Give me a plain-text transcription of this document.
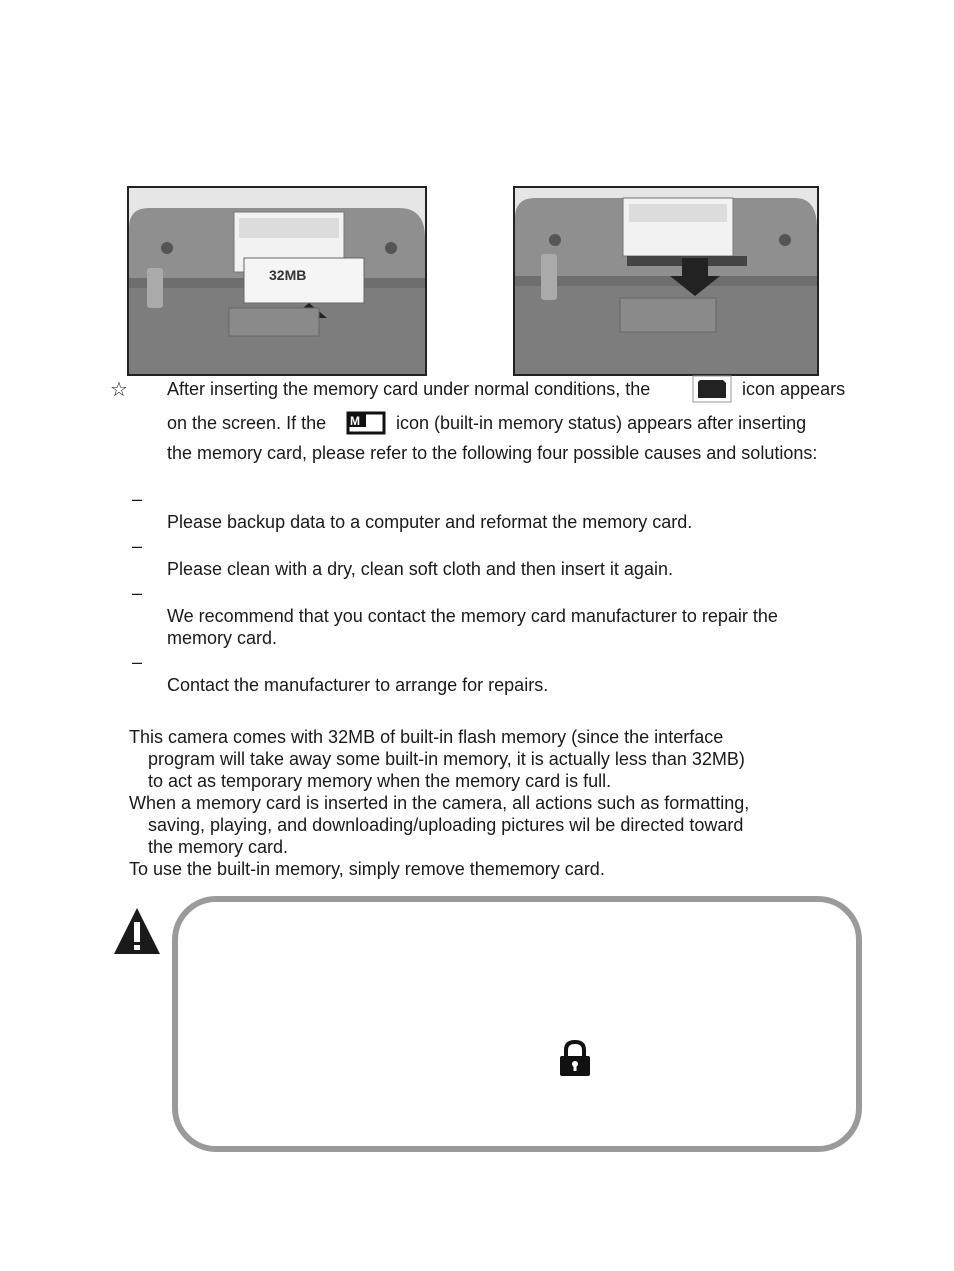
32MB
☆ After inserting the memory card under normal conditions, the	icon appears
on the screen. If the M icon (built-in memory status) appears after inserting
the memory card, please refer to the following four possible causes and solutions:
–
Please backup data to a computer and reformat the memory card.
–
Please clean with a dry, clean soft cloth and then insert it again.
–
We recommend that you contact the memory card manufacturer to repair the
memory card.
–
Contact the manufacturer to arrange for repairs.
This camera comes with 32MB of built-in flash memory (since the interface
program will take away some built-in memory, it is actually less than 32MB)
to act as temporary memory when the memory card is full.
When a memory card is inserted in the camera, all actions such as formatting,
saving, playing, and downloading/uploading pictures wil be directed toward
the memory card.
To use the built-in memory, simply remove thememory card.
